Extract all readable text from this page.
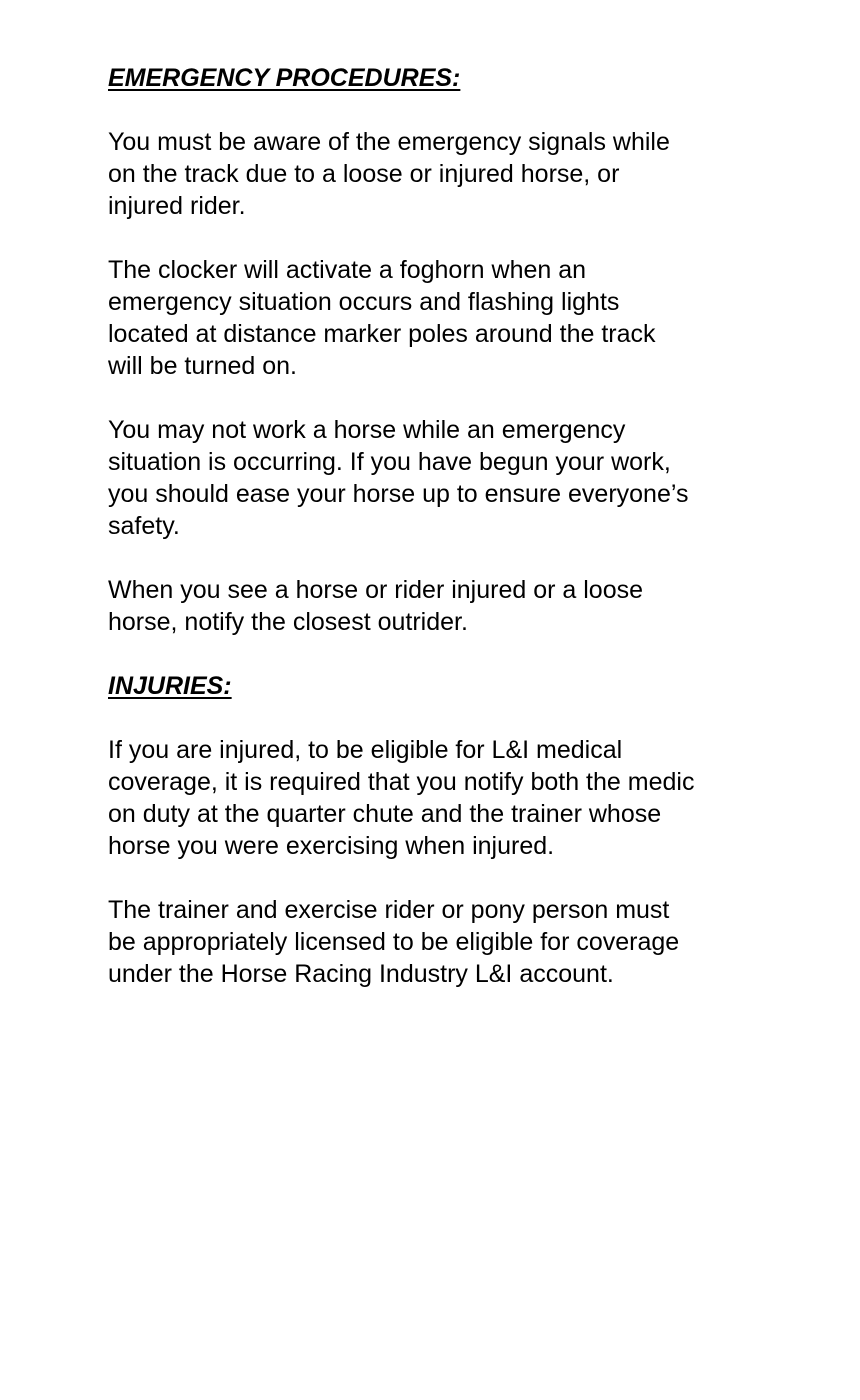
EMERGENCY PROCEDURES:

You must be aware of the emergency signals while
on the track due to a loose or injured horse, or
injured rider.

The clocker will activate a foghorn when an
emergency situation occurs and flashing lights
located at distance marker poles around the track
will be turned on.

You may not work a horse while an emergency
situation is occurring. If you have begun your work,
you should ease your horse up to ensure everyone’s
safety.

When you see a horse or rider injured or a loose
horse, notify the closest outrider.

INJURIES:

If you are injured, to be eligible for L&I medical
coverage, it is required that you notify both the medic
on duty at the quarter chute and the trainer whose
horse you were exercising when injured.

The trainer and exercise rider or pony person must
be appropriately licensed to be eligible for coverage
under the Horse Racing Industry L&I account.
